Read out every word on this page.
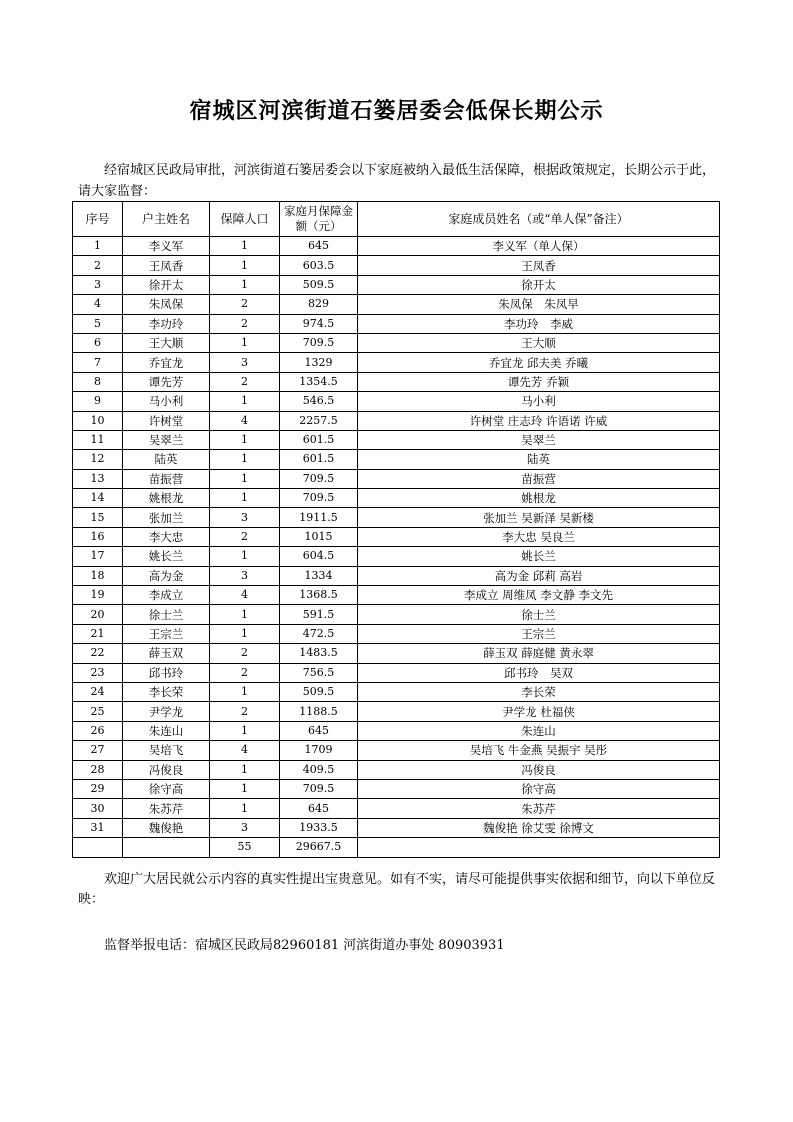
宿城区河滨街道石篓居委会低保长期公示
经宿城区民政局审批，河滨街道石篓居委会以下家庭被纳入最低生活保障，根据政策规定，长期公示于此，请大家监督：
序号	户主姓名	保障人口	家庭月保障金额（元）	家庭成员姓名（或“单人保”备注）
1	李义军	1	645	李义军（单人保）
2	王凤香	1	603.5	王凤香
3	徐开太	1	509.5	徐开太
4	朱凤保	2	829	朱凤保　朱凤早
5	李功玲	2	974.5	李功玲　李威
6	王大顺	1	709.5	王大顺
7	乔宜龙	3	1329	乔宜龙 邱夫美 乔曦
8	谭先芳	2	1354.5	谭先芳 乔颖
9	马小利	1	546.5	马小利
10	许树堂	4	2257.5	许树堂 庄志玲 许语诺 许威
11	吴翠兰	1	601.5	吴翠兰
12	陆英	1	601.5	陆英
13	苗振营	1	709.5	苗振营
14	姚根龙	1	709.5	姚根龙
15	张加兰	3	1911.5	张加兰 吴新泽 吴新楼
16	李大忠	2	1015	李大忠 吴良兰
17	姚长兰	1	604.5	姚长兰
18	高为金	3	1334	高为金 邱莉 高岩
19	李成立	4	1368.5	李成立 周维凤 李文静 李文先
20	徐士兰	1	591.5	徐士兰
21	王宗兰	1	472.5	王宗兰
22	薛玉双	2	1483.5	薛玉双 薛庭健 黄永翠
23	邱书玲	2	756.5	邱书玲　吴双
24	李长荣	1	509.5	李长荣
25	尹学龙	2	1188.5	尹学龙 杜福侠
26	朱连山	1	645	朱连山
27	吴培飞	4	1709	吴培飞 牛金燕 吴振宇 吴彤
28	冯俊良	1	409.5	冯俊良
29	徐守高	1	709.5	徐守高
30	朱苏芹	1	645	朱苏芹
31	魏俊艳	3	1933.5	魏俊艳 徐艾雯 徐博文
		55	29667.5	
欢迎广大居民就公示内容的真实性提出宝贵意见。如有不实，请尽可能提供事实依据和细节，向以下单位反映：
监督举报电话：宿城区民政局82960181 河滨街道办事处 80903931
